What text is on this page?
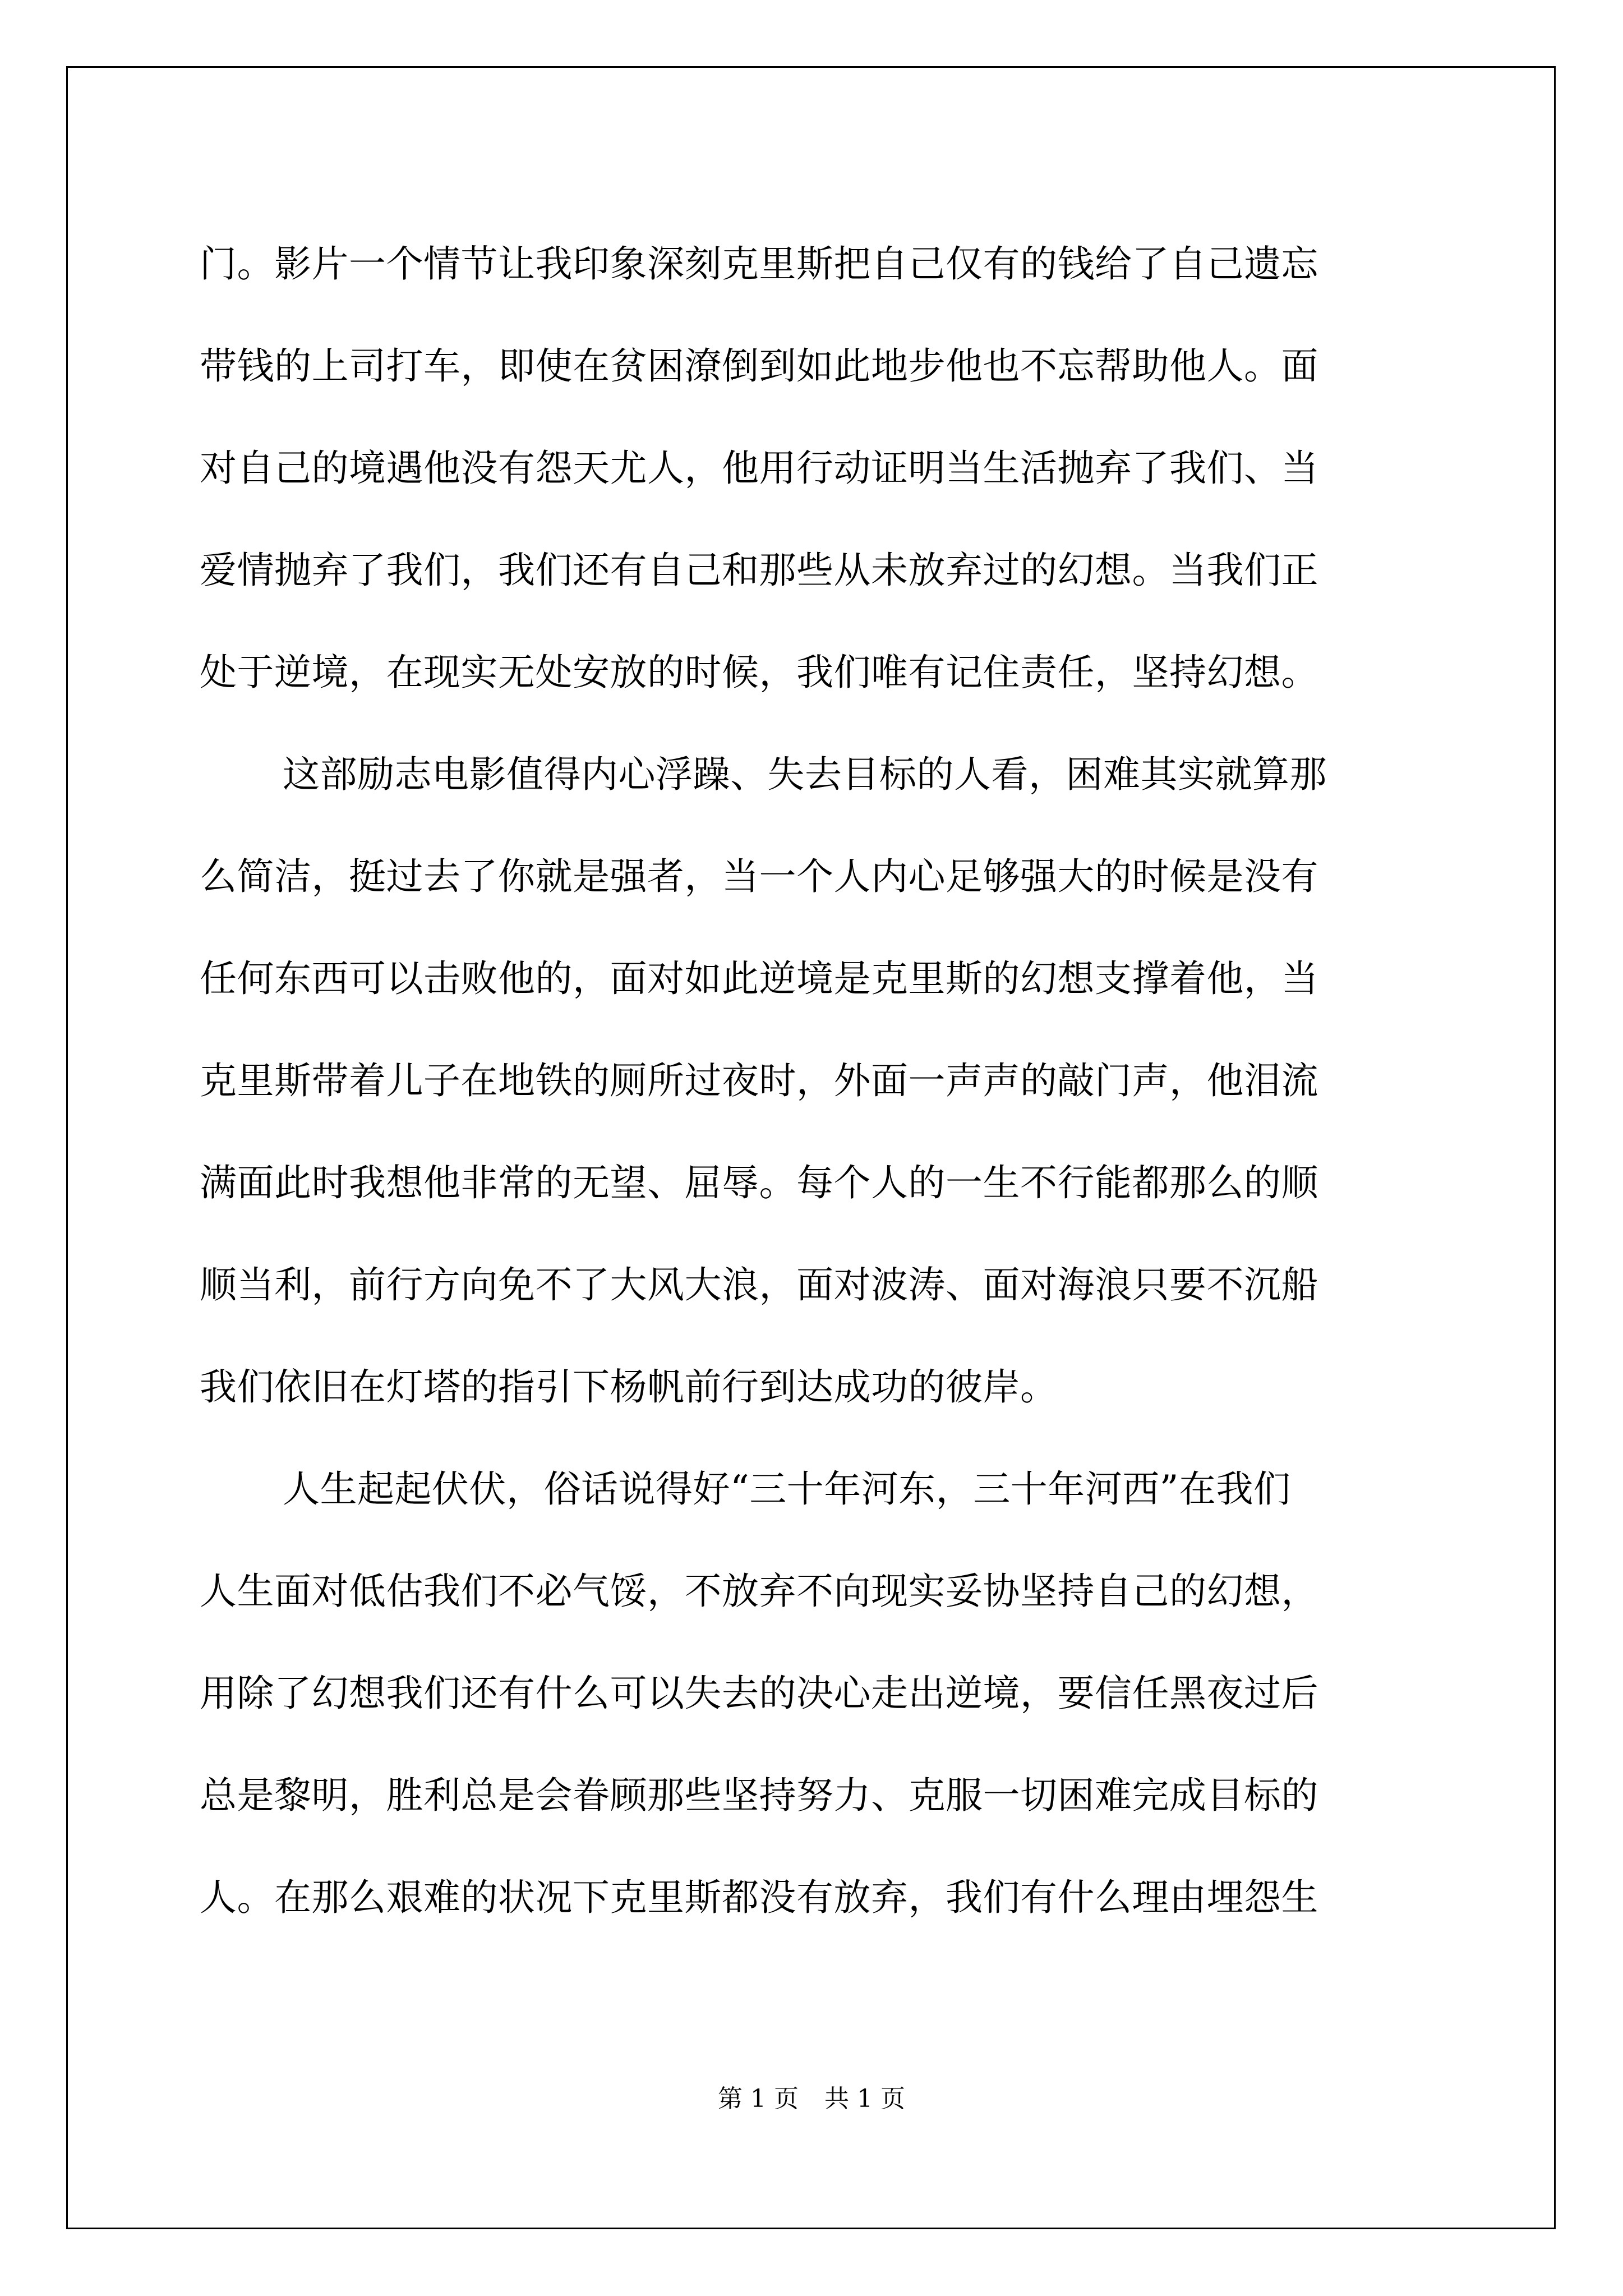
门。影片一个情节让我印象深刻克里斯把自己仅有的钱给了自己遗忘
带钱的上司打车，即使在贫困潦倒到如此地步他也不忘帮助他人。面
对自己的境遇他没有怨天尤人，他用行动证明当生活抛弃了我们、当
爱情抛弃了我们，我们还有自己和那些从未放弃过的幻想。当我们正
处于逆境，在现实无处安放的时候，我们唯有记住责任，坚持幻想。
这部励志电影值得内心浮躁、失去目标的人看，困难其实就算那
么简洁，挺过去了你就是强者，当一个人内心足够强大的时候是没有
任何东西可以击败他的，面对如此逆境是克里斯的幻想支撑着他，当
克里斯带着儿子在地铁的厕所过夜时，外面一声声的敲门声，他泪流
满面此时我想他非常的无望、屈辱。每个人的一生不行能都那么的顺
顺当利，前行方向免不了大风大浪，面对波涛、面对海浪只要不沉船
我们依旧在灯塔的指引下杨帆前行到达成功的彼岸。
人生起起伏伏，俗话说得好“三十年河东，三十年河西”在我们
人生面对低估我们不必气馁，不放弃不向现实妥协坚持自己的幻想，
用除了幻想我们还有什么可以失去的决心走出逆境，要信任黑夜过后
总是黎明，胜利总是会眷顾那些坚持努力、克服一切困难完成目标的
人。在那么艰难的状况下克里斯都没有放弃，我们有什么理由埋怨生
第 1 页 共 1 页
